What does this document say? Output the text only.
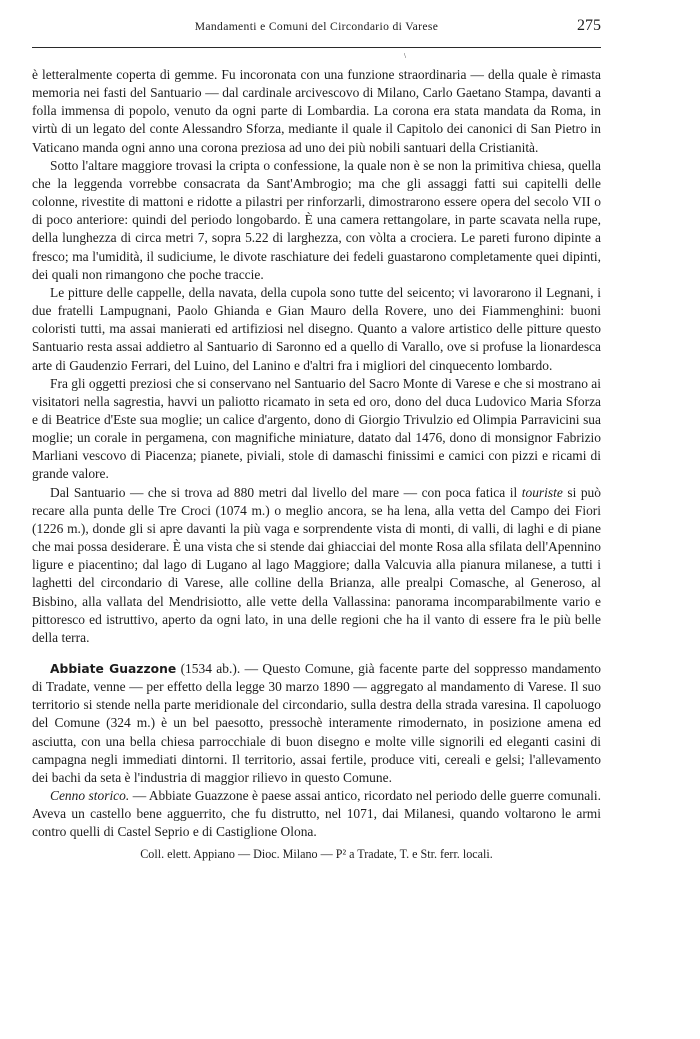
Mandamenti e Comuni del Circondario di Varese	275
\

è letteralmente coperta di gemme. Fu incoronata con una funzione straordinaria — della quale è rimasta memoria nei fasti del Santuario — dal cardinale arcivescovo di Milano, Carlo Gaetano Stampa, davanti a folla immensa di popolo, venuto da ogni parte di Lombardia. La corona era stata mandata da Roma, in virtù di un legato del conte Alessandro Sforza, mediante il quale il Capitolo dei canonici di San Pietro in Vaticano manda ogni anno una corona preziosa ad uno dei più nobili santuari della Cristianità.

Sotto l'altare maggiore trovasi la cripta o confessione, la quale non è se non la primitiva chiesa, quella che la leggenda vorrebbe consacrata da Sant'Ambrogio; ma che gli assaggi fatti sui capitelli delle colonne, rivestite di mattoni e ridotte a pilastri per rinforzarli, dimostrarono essere opera del secolo VII o di poco anteriore: quindi del periodo longobardo. È una camera rettangolare, in parte scavata nella rupe, della lunghezza di circa metri 7, sopra 5.22 di larghezza, con vòlta a crociera. Le pareti furono dipinte a fresco; ma l'umidità, il sudiciume, le divote raschiature dei fedeli guastarono completamente quei dipinti, dei quali non rimangono che poche traccie.

Le pitture delle cappelle, della navata, della cupola sono tutte del seicento; vi lavorarono il Legnani, i due fratelli Lampugnani, Paolo Ghianda e Gian Mauro della Rovere, uno dei Fiammenghini: buoni coloristi tutti, ma assai manierati ed artifiziosi nel disegno. Quanto a valore artistico delle pitture questo Santuario resta assai addietro al Santuario di Saronno ed a quello di Varallo, ove si profuse la lionardesca arte di Gaudenzio Ferrari, del Luino, del Lanino e d'altri fra i migliori del cinquecento lombardo.

Fra gli oggetti preziosi che si conservano nel Santuario del Sacro Monte di Varese e che si mostrano ai visitatori nella sagrestia, havvi un paliotto ricamato in seta ed oro, dono del duca Ludovico Maria Sforza e di Beatrice d'Este sua moglie; un calice d'argento, dono di Giorgio Trivulzio ed Olimpia Parravicini sua moglie; un corale in pergamena, con magnifiche miniature, datato dal 1476, dono di monsignor Fabrizio Marliani vescovo di Piacenza; pianete, piviali, stole di damaschi finissimi e camici con pizzi e ricami di grande valore.

Dal Santuario — che si trova ad 880 metri dal livello del mare — con poca fatica il touriste si può recare alla punta delle Tre Croci (1074 m.) o meglio ancora, se ha lena, alla vetta del Campo dei Fiori (1226 m.), donde gli si apre davanti la più vaga e sorprendente vista di monti, di valli, di laghi e di piane che mai possa desiderare. È una vista che si stende dai ghiacciai del monte Rosa alla sfilata dell'Apennino ligure e piacentino; dal lago di Lugano al lago Maggiore; dalla Valcuvia alla pianura milanese, a tutti i laghetti del circondario di Varese, alle colline della Brianza, alle prealpi Comasche, al Generoso, al Bisbino, alla vallata del Mendrisiotto, alle vette della Vallassina: panorama incomparabilmente vario e pittoresco ed istruttivo, aperto da ogni lato, in una delle regioni che ha il vanto di essere fra le più belle della terra.

Abbiate Guazzone (1534 ab.). — Questo Comune, già facente parte del soppresso mandamento di Tradate, venne — per effetto della legge 30 marzo 1890 — aggregato al mandamento di Varese. Il suo territorio si stende nella parte meridionale del circondario, sulla destra della strada varesina. Il capoluogo del Comune (324 m.) è un bel paesotto, pressochè interamente rimodernato, in posizione amena ed asciutta, con una bella chiesa parrocchiale di buon disegno e molte ville signorili ed eleganti casini di campagna negli immediati dintorni. Il territorio, assai fertile, produce viti, cereali e gelsi; l'allevamento dei bachi da seta è l'industria di maggior rilievo in questo Comune.

Cenno storico. — Abbiate Guazzone è paese assai antico, ricordato nel periodo delle guerre comunali. Aveva un castello bene agguerrito, che fu distrutto, nel 1071, dai Milanesi, quando voltarono le armi contro quelli di Castel Seprio e di Castiglione Olona.

Coll. elett. Appiano — Dioc. Milano — P² a Tradate, T. e Str. ferr. locali.
